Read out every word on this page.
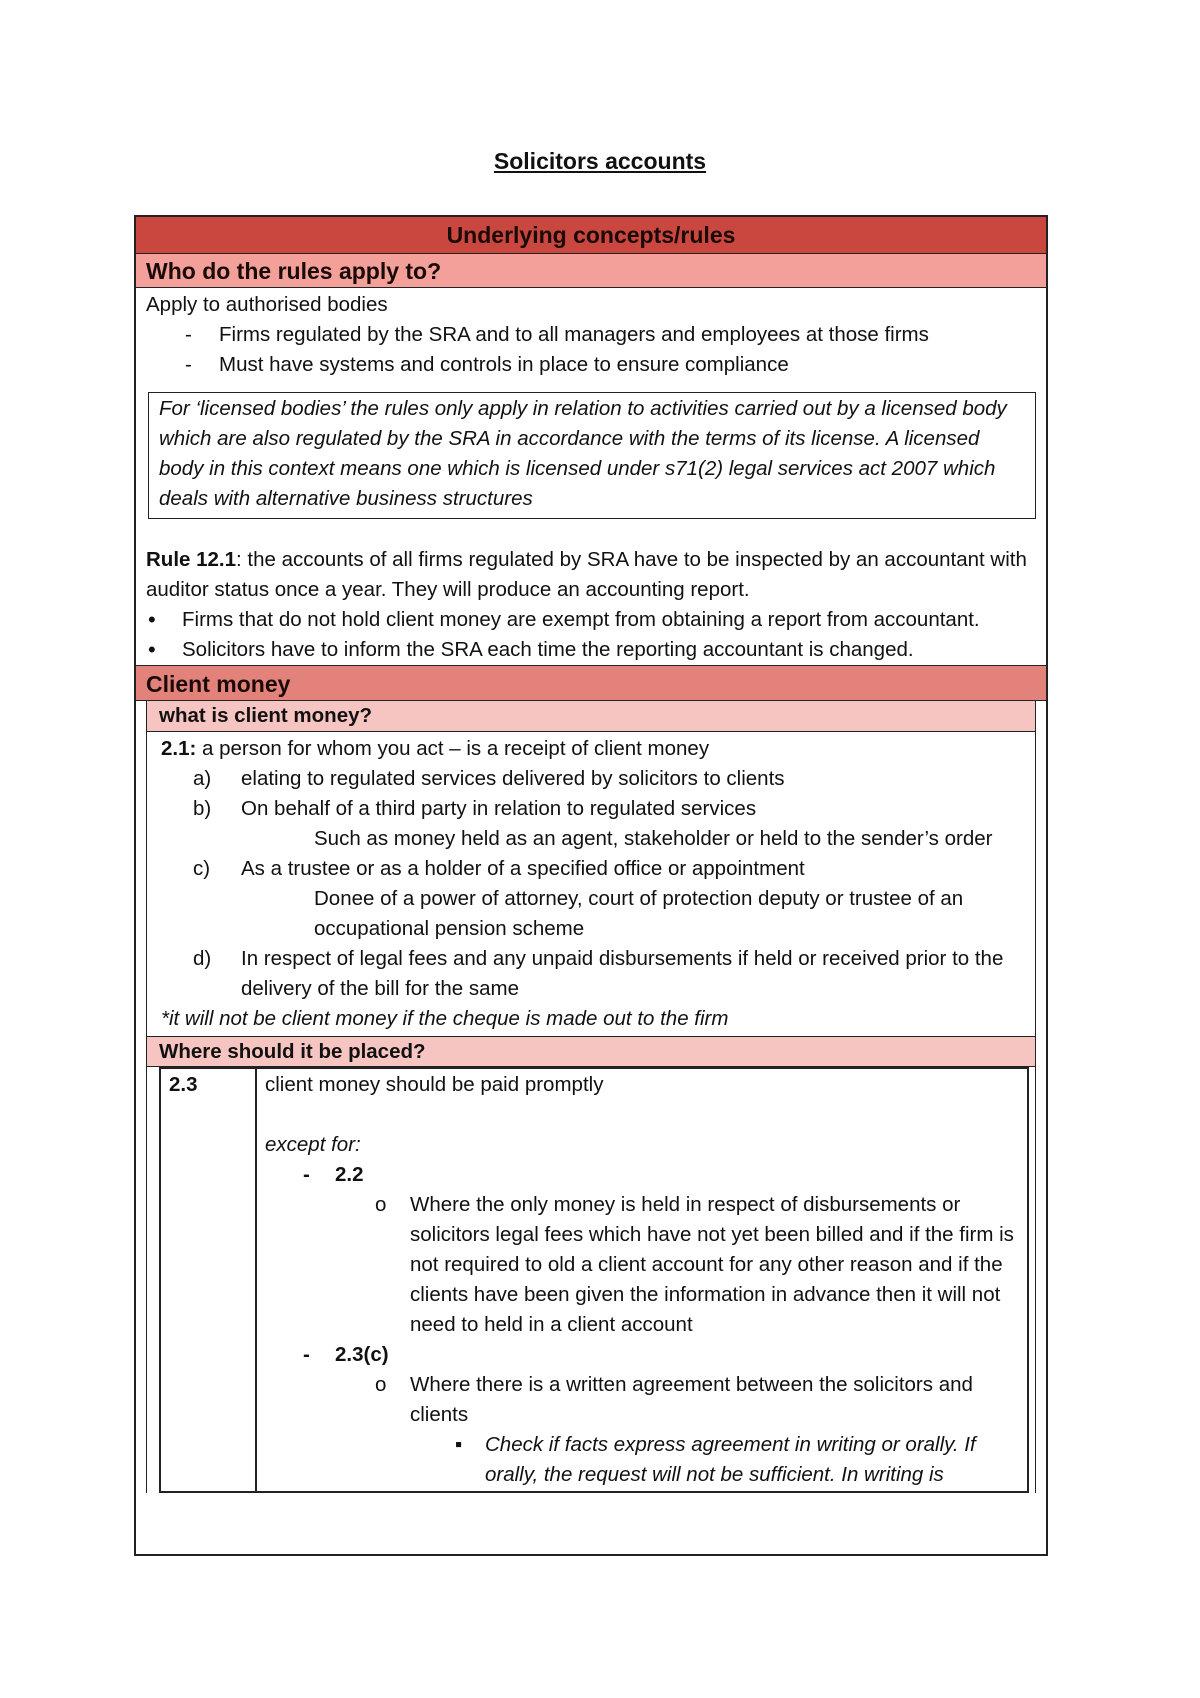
Solicitors accounts
Underlying concepts/rules
Who do the rules apply to?
Apply to authorised bodies
- Firms regulated by the SRA and to all managers and employees at those firms
- Must have systems and controls in place to ensure compliance
For ‘licensed bodies’ the rules only apply in relation to activities carried out by a licensed body which are also regulated by the SRA in accordance with the terms of its license. A licensed body in this context means one which is licensed under s71(2) legal services act 2007 which deals with alternative business structures
Rule 12.1: the accounts of all firms regulated by SRA have to be inspected by an accountant with auditor status once a year. They will produce an accounting report.
• Firms that do not hold client money are exempt from obtaining a report from accountant.
• Solicitors have to inform the SRA each time the reporting accountant is changed.
Client money
what is client money?
2.1: a person for whom you act – is a receipt of client money
a) elating to regulated services delivered by solicitors to clients
b) On behalf of a third party in relation to regulated services
Such as money held as an agent, stakeholder or held to the sender’s order
c) As a trustee or as a holder of a specified office or appointment
Donee of a power of attorney, court of protection deputy or trustee of an occupational pension scheme
d) In respect of legal fees and any unpaid disbursements if held or received prior to the delivery of the bill for the same
*it will not be client money if the cheque is made out to the firm
Where should it be placed?
2.3	client money should be paid promptly
except for:
- 2.2
o Where the only money is held in respect of disbursements or solicitors legal fees which have not yet been billed and if the firm is not required to old a client account for any other reason and if the clients have been given the information in advance then it will not need to held in a client account
- 2.3(c)
o Where there is a written agreement between the solicitors and clients
▪ Check if facts express agreement in writing or orally. If orally, the request will not be sufficient. In writing is
